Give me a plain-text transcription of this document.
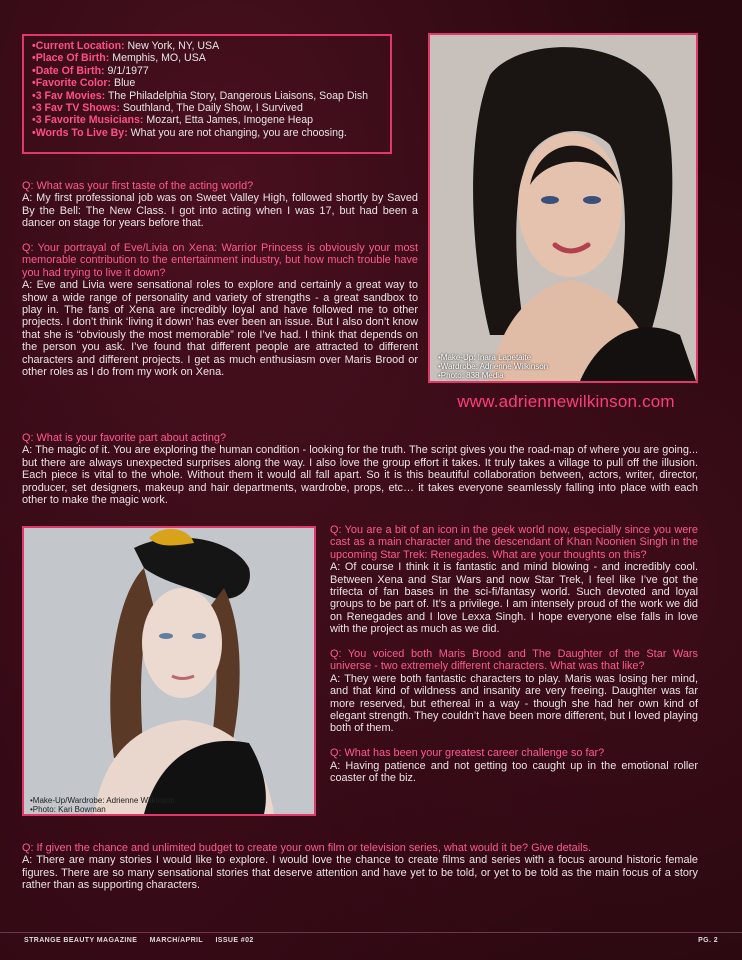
•Current Location: New York, NY, USA
•Place Of Birth: Memphis, MO, USA
•Date Of Birth: 9/1/1977
•Favorite Color: Blue
•3 Fav Movies: The Philadelphia Story, Dangerous Liaisons, Soap Dish
•3 Fav TV Shows: Southland, The Daily Show, I Survived
•3 Favorite Musicians: Mozart, Etta James, Imogene Heap
•Words To Live By: What you are not changing, you are choosing.
•Make-Up: Inara Lapetaite
•Wardrobe: Adrienne Wilkinson
•Photo: 838 Media
www.adriennewilkinson.com

Q: What was your first taste of the acting world?
A: My first professional job was on Sweet Valley High, followed shortly by Saved By the Bell: The New Class. I got into acting when I was 17, but had been a dancer on stage for years before that.

Q: Your portrayal of Eve/Livia on Xena: Warrior Princess is obviously your most memorable contribution to the entertainment industry, but how much trouble have you had trying to live it down?
A: Eve and Livia were sensational roles to explore and certainly a great way to show a wide range of personality and variety of strengths - a great sandbox to play in. The fans of Xena are incredibly loyal and have followed me to other projects. I don’t think ‘living it down’ has ever been an issue. But I also don’t know that she is “obviously the most memorable” role I’ve had. I think that depends on the person you ask. I’ve found that different people are attracted to different characters and different projects. I get as much enthusiasm over Maris Brood or other roles as I do from my work on Xena.

Q: What is your favorite part about acting?
A: The magic of it. You are exploring the human condition - looking for the truth. The script gives you the road-map of where you are going... but there are always unexpected surprises along the way. I also love the group effort it takes. It truly takes a village to pull off the illusion. Each piece is vital to the whole. Without them it would all fall apart. So it is this beautiful collaboration between, actors, writer, director, producer, set designers, makeup and hair departments, wardrobe, props, etc… it takes everyone seamlessly falling into place with each other to make the magic work.

•Make-Up/Wardrobe: Adrienne Wilkinson
•Photo: Kari Bowman

Q: You are a bit of an icon in the geek world now, especially since you were cast as a main character and the descendant of Khan Noonien Singh in the upcoming Star Trek: Renegades. What are your thoughts on this?
A: Of course I think it is fantastic and mind blowing - and incredibly cool. Between Xena and Star Wars and now Star Trek, I feel like I’ve got the trifecta of fan bases in the sci-fi/fantasy world. Such devoted and loyal groups to be part of. It’s a privilege. I am intensely proud of the work we did on Renegades and I love Lexxa Singh. I hope everyone else falls in love with the project as much as we did.

Q: You voiced both Maris Brood and The Daughter of the Star Wars universe - two extremely different characters. What was that like?
A: They were both fantastic characters to play. Maris was losing her mind, and that kind of wildness and insanity are very freeing. Daughter was far more reserved, but ethereal in a way - though she had her own kind of elegant strength. They couldn’t have been more different, but I loved playing both of them.

Q: What has been your greatest career challenge so far?
A: Having patience and not getting too caught up in the emotional roller coaster of the biz.

Q: If given the chance and unlimited budget to create your own film or television series, what would it be? Give details.
A: There are many stories I would like to explore. I would love the chance to create films and series with a focus around historic female figures. There are so many sensational stories that deserve attention and have yet to be told, or yet to be told as the main focus of a story rather than as supporting characters.

STRANGE BEAUTY MAGAZINE MARCH/APRIL ISSUE #02	PG. 2
